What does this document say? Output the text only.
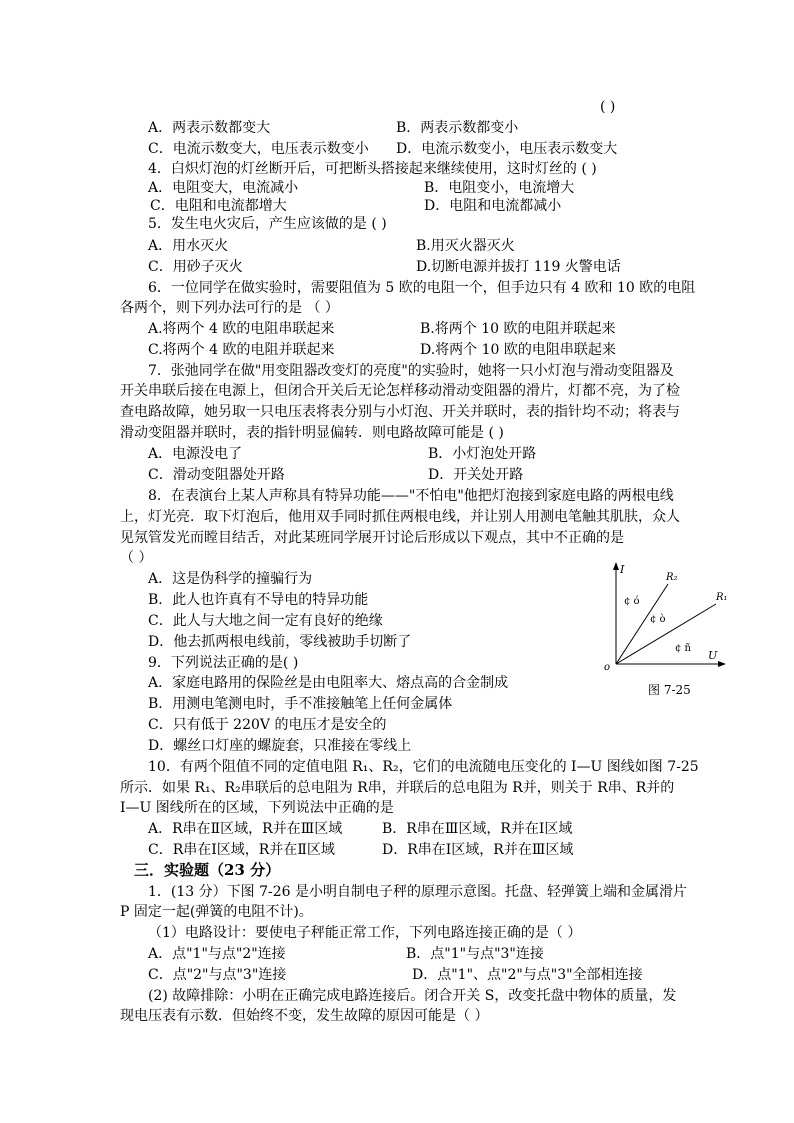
( )
A．两表示数都变大	B．两表示数都变小
C．电流示数变大，电压表示数变小 D．电流示数变小，电压表示数变大
4．白炽灯泡的灯丝断开后，可把断头搭接起来继续使用，这时灯丝的 ( )
A．电阻变大，电流减小	B．电阻变小，电流增大
C．电阻和电流都增大	D．电阻和电流都减小
5．发生电火灾后，产生应该做的是 ( )
A．用水灭火	B.用灭火器灭火
C．用砂子灭火	D.切断电源并拔打 119 火警电话
6．一位同学在做实验时，需要阻值为 5 欧的电阻一个，但手边只有 4 欧和 10 欧的电阻
各两个，则下列办法可行的是 （ ）
A.将两个 4 欧的电阻串联起来	B.将两个 10 欧的电阻并联起来
C.将两个 4 欧的电阻并联起来	D.将两个 10 欧的电阻串联起来
7．张弛同学在做"用变阻器改变灯的亮度"的实验时，她将一只小灯泡与滑动变阻器及
开关串联后接在电源上，但闭合开关后无论怎样移动滑动变阻器的滑片，灯都不亮，为了检
查电路故障，她另取一只电压表将表分别与小灯泡、开关并联时，表的指针均不动；将表与
滑动变阻器并联时，表的指针明显偏转．则电路故障可能是 ( )
A．电源没电了	B．小灯泡处开路
C．滑动变阻器处开路	D．开关处开路
8．在表演台上某人声称具有特异功能——"不怕电"他把灯泡接到家庭电路的两根电线
上，灯光亮．取下灯泡后，他用双手同时抓住两根电线，并让别人用测电笔触其肌肤，众人
见氖管发光而瞠目结舌，对此某班同学展开讨论后形成以下观点，其中不正确的是
（ ）
A．这是伪科学的撞骗行为
B．此人也许真有不导电的特异功能
C．此人与大地之间一定有良好的绝缘
D．他去抓两根电线前，零线被助手切断了
9．下列说法正确的是( )
A．家庭电路用的保险丝是由电阻率大、熔点高的合金制成
B．用测电笔测电时，手不准接触笔上任何金属体
C．只有低于 220V 的电压才是安全的
D．螺丝口灯座的螺旋套，只准接在零线上
10．有两个阻值不同的定值电阻 R₁、R₂，它们的电流随电压变化的 I—U 图线如图 7-25
所示．如果 R₁、R₂串联后的总电阻为 R串，并联后的总电阻为 R并，则关于 R串、R并的
I—U 图线所在的区域，下列说法中正确的是
A．R串在Ⅱ区域，R并在Ⅲ区域	B．R串在Ⅲ区域，R并在Ⅰ区域
C．R串在Ⅰ区域，R并在Ⅱ区域	D．R串在Ⅰ区域，R并在Ⅲ区域
三．实验题（23 分）
1．(13 分）下图 7-26 是小明自制电子秤的原理示意图。托盘、轻弹簧上端和金属滑片
P 固定一起(弹簧的电阻不计)。
（1）电路设计：要使电子秤能正常工作，下列电路连接正确的是（ ）
A．点"1"与点"2"连接	B．点"1"与点"3"连接
C．点"2"与点"3"连接	D．点"1"、点"2"与点"3"全部相连接
(2) 故障排除：小明在正确完成电路连接后。闭合开关 S，改变托盘中物体的质量，发
现电压表有示数．但始终不变，发生故障的原因可能是（ ）
I
U
o
R₂
R₁
¢ ó
¢ ò
¢ ñ
图 7-25
